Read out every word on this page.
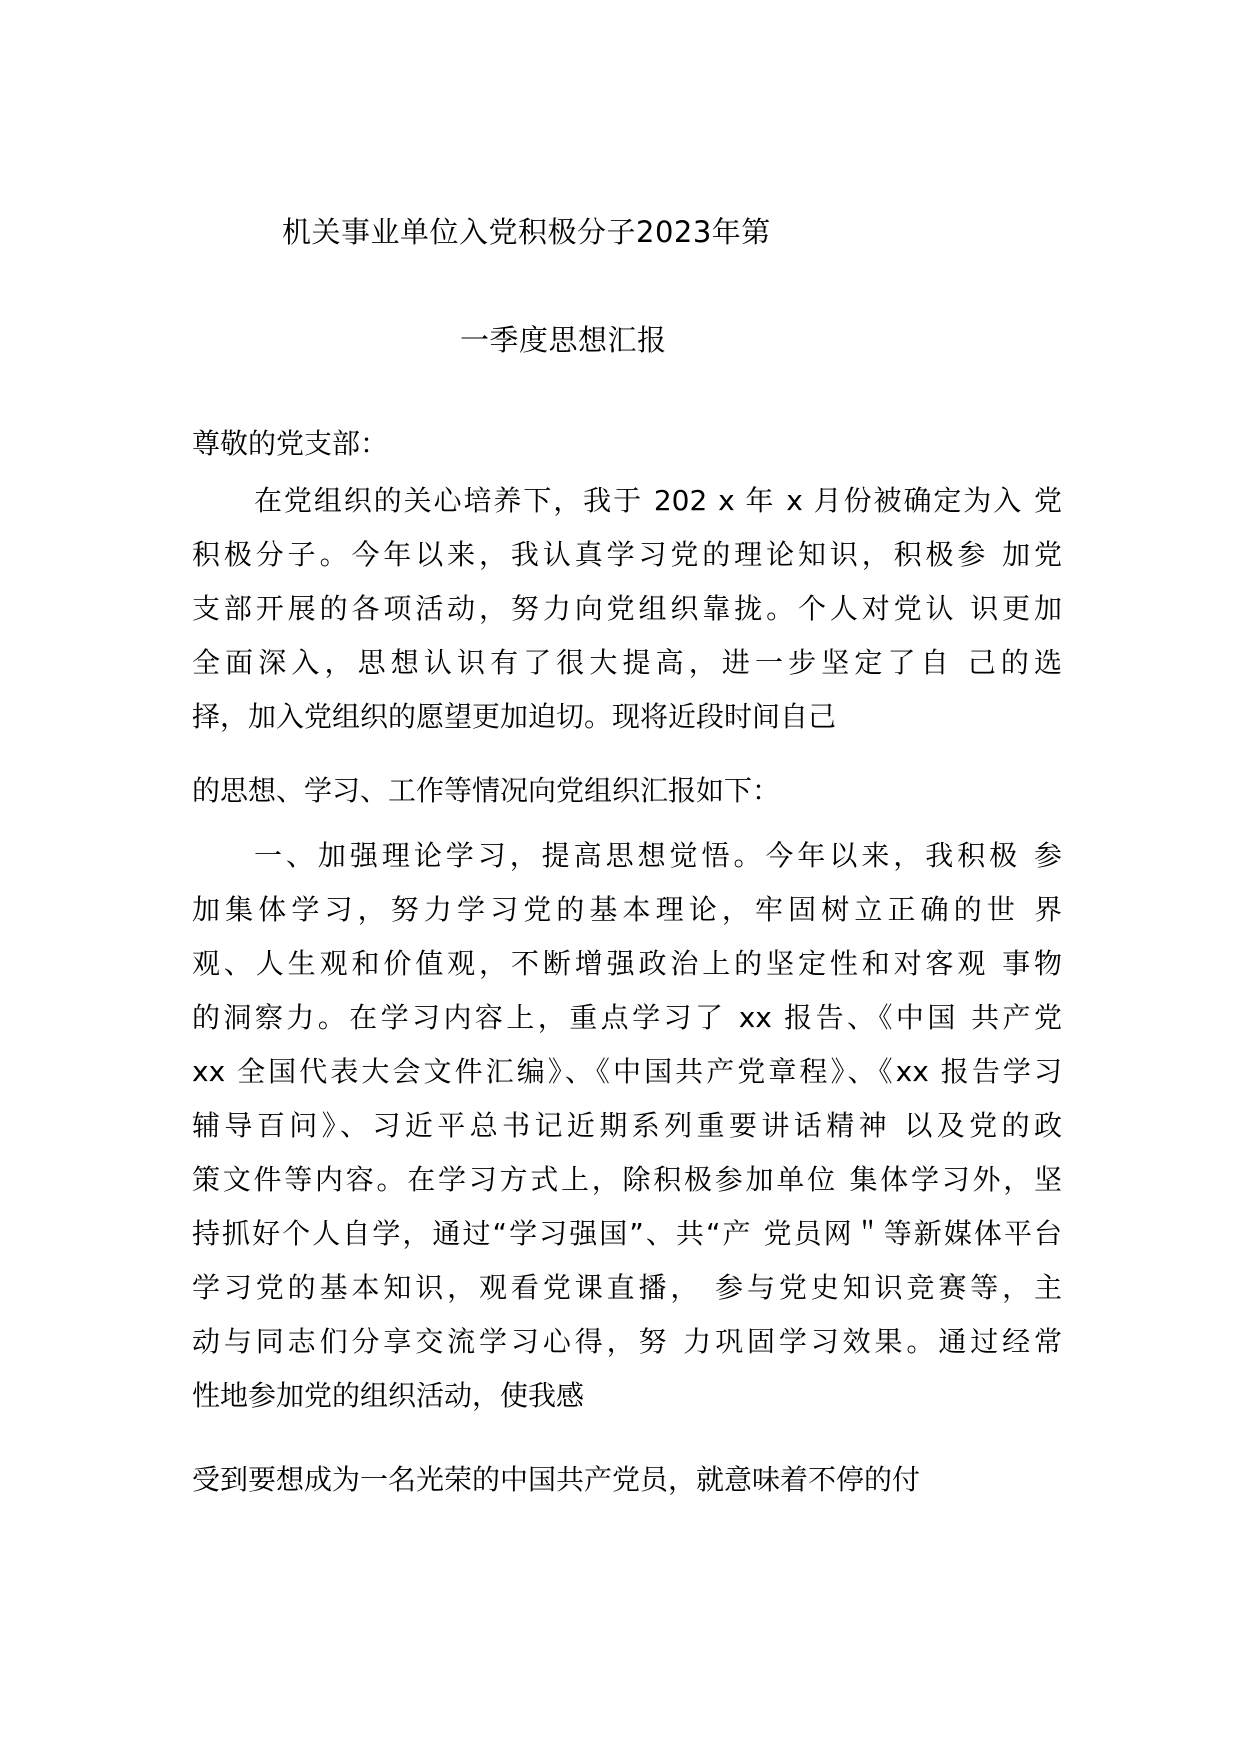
机关事业单位入党积极分子2023年第
一季度思想汇报
尊敬的党支部：
在党组织的关心培养下，我于 202 x 年 x 月份被确定为入 党
积极分子。今年以来，我认真学习党的理论知识，积极参 加党
支部开展的各项活动，努力向党组织靠拢。个人对党认 识更加
全面深入，思想认识有了很大提高，进一步坚定了自 己的选
择，加入党组织的愿望更加迫切。现将近段时间自己
的思想、学习、工作等情况向党组织汇报如下：
一、加强理论学习，提高思想觉悟。今年以来，我积极 参
加集体学习，努力学习党的基本理论，牢固树立正确的世 界
观、人生观和价值观，不断增强政治上的坚定性和对客观 事物
的洞察力。在学习内容上，重点学习了 xx 报告、《中国 共产党
xx 全国代表大会文件汇编》、《中国共产党章程》、《xx 报告学习
辅导百问》、习近平总书记近期系列重要讲话精神 以及党的政
策文件等内容。在学习方式上，除积极参加单位 集体学习外，坚
持抓好个人自学，通过“学习强国”、共“产 党员网＂等新媒体平台
学习党的基本知识，观看党课直播， 参与党史知识竞赛等，主
动与同志们分享交流学习心得，努 力巩固学习效果。通过经常
性地参加党的组织活动，使我感
受到要想成为一名光荣的中国共产党员，就意味着不停的付
